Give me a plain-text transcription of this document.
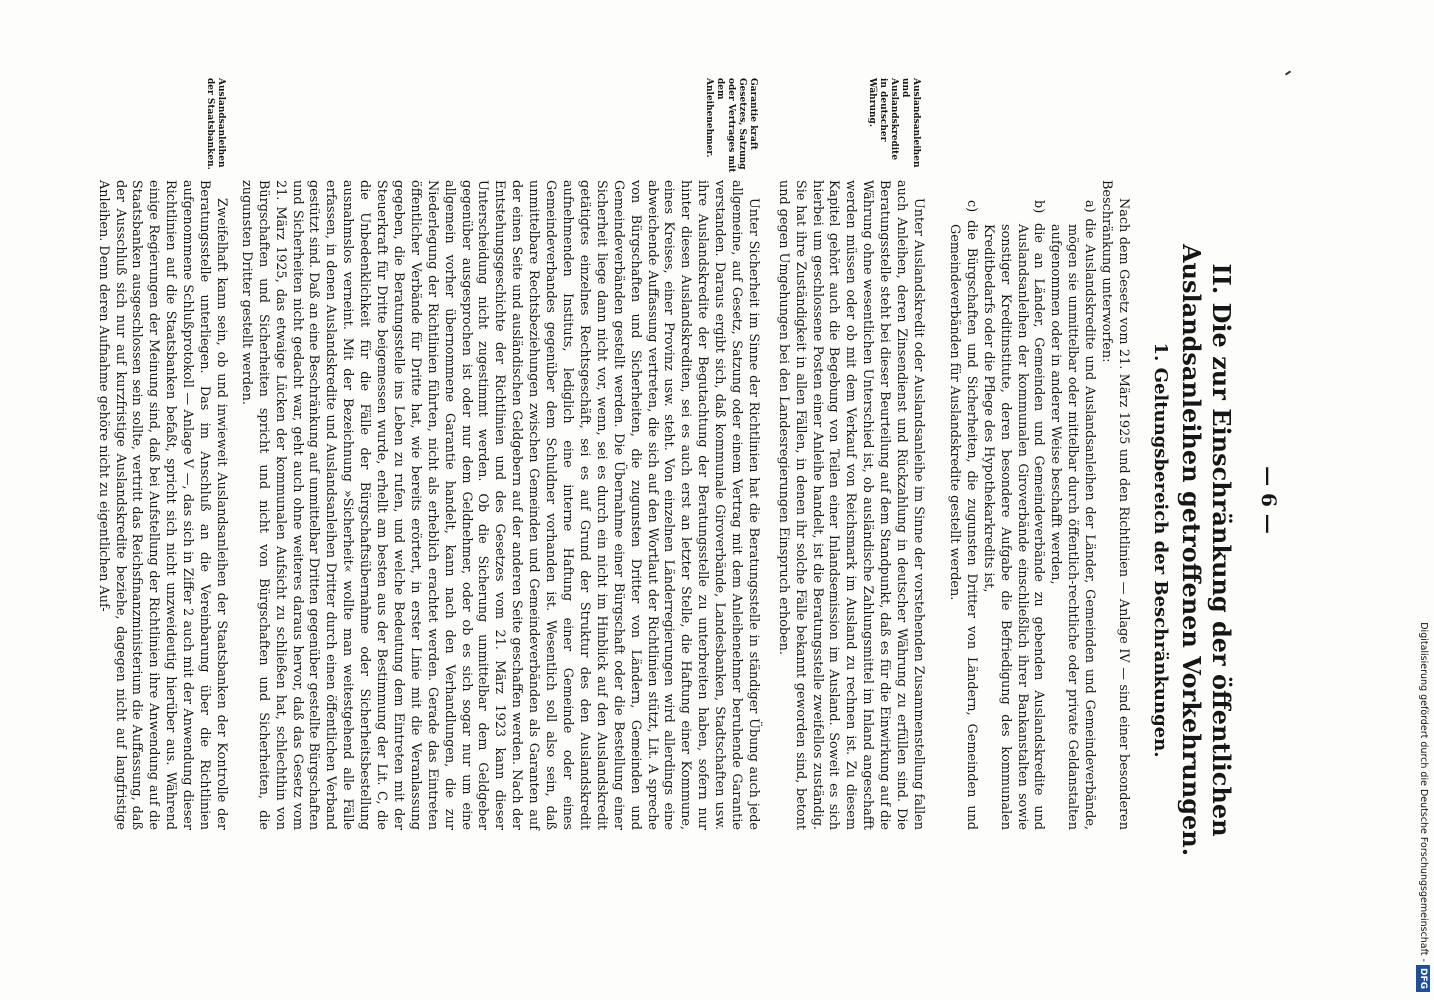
— 6 —
II. Die zur Einschränkung der öffentlichen Auslandsanleihen getroffenen Vorkehrungen.
1. Geltungsbereich der Beschränkungen.

Nach dem Gesetz vom 21. März 1925 und den Richtlinien — Anlage IV — sind einer besonderen Beschränkung unterworfen:

a) die Auslandskredite und Auslandsanleihen der Länder, Gemeinden und Gemeindeverbände, mögen sie unmittelbar oder mittelbar durch öffentlich-rechtliche oder private Geldanstalten aufgenommen oder in anderer Weise beschafft werden,

b) die an Länder, Gemeinden und Gemeindeverbände zu gebenden Auslandskredite und Auslandsanleihen der kommunalen Giroverbände einschließlich ihrer Bankanstalten sowie sonstiger Kreditinstitute, deren besondere Aufgabe die Befriedigung des kommunalen Kreditbedarfs oder die Pflege des Hypothekarkredits ist,

c) die Bürgschaften und Sicherheiten, die zugunsten Dritter von Ländern, Gemeinden und Gemeindeverbänden für Auslandskredite gestellt werden.

Auslandsanleihen und Auslandskredite in deutscher Währung.

Unter Auslandskredit oder Auslandsanleihe im Sinne der vorstehenden Zusammenstellung fallen auch Anleihen, deren Zinsendienst und Rückzahlung in deutscher Währung zu erfüllen sind. Die Beratungsstelle steht bei dieser Beurteilung auf dem Standpunkt, daß es für die Einwirkung auf die Währung ohne wesentlichen Unterschied ist, ob ausländische Zahlungsmittel im Inland angeschafft werden müssen oder ob mit dem Verkauf von Reichsmark im Ausland zu rechnen ist. Zu diesem Kapitel gehört auch die Begebung von Teilen einer Inlandsemission im Ausland. Soweit es sich hierbei um geschlossene Posten einer Anleihe handelt, ist die Beratungsstelle zweifellos zuständig. Sie hat ihre Zuständigkeit in allen Fällen, in denen ihr solche Fälle bekannt geworden sind, betont und gegen Umgehungen bei den Landesregierungen Einspruch erhoben.

Garantie kraft Gesetzes, Satzung oder Vertrages mit dem Anleihenehmer.

Unter Sicherheit im Sinne der Richtlinien hat die Beratungsstelle in ständiger Übung auch jede allgemeine, auf Gesetz, Satzung oder einem Vertrag mit dem Anleihenehmer beruhende Garantie verstanden. Daraus ergibt sich, daß kommunale Giroverbände, Landesbanken, Stadtschaften usw. ihre Auslandskredite der Begutachtung der Beratungsstelle zu unterbreiten haben, sofern nur hinter diesen Auslandskrediten, sei es auch erst an letzter Stelle, die Haftung einer Kommune, eines Kreises, einer Provinz usw. steht. Von einzelnen Länderregierungen wird allerdings eine abweichende Auffassung vertreten, die sich auf den Wortlaut der Richtlinien stützt, Lit. A spreche von Bürgschaften und Sicherheiten, die zugunsten Dritter von Ländern, Gemeinden und Gemeindeverbänden gestellt werden. Die Übernahme einer Bürgschaft oder die Bestellung einer Sicherheit liege dann nicht vor, wenn, sei es durch ein nicht im Hinblick auf den Auslandskredit getätigtes einzelnes Rechtsgeschäft, sei es auf Grund der Struktur des den Auslandskredit aufnehmenden Instituts, lediglich eine interne Haftung einer Gemeinde oder eines Gemeindeverbandes gegenüber dem Schuldner vorhanden ist. Wesentlich soll also sein, daß unmittelbare Rechtsbeziehungen zwischen Gemeinden und Gemeindeverbänden als Garanten auf der einen Seite und ausländischen Geldgebern auf der anderen Seite geschaffen werden. Nach der Entstehungsgeschichte der Richtlinien und des Gesetzes vom 21. März 1923 kann dieser Unterscheidung nicht zugestimmt werden. Ob die Sicherung unmittelbar dem Geldgeber gegenüber ausgesprochen ist oder nur dem Geldnehmer, oder ob es sich sogar nur um eine allgemein vorher übernommene Garantie handelt, kann nach den Verhandlungen, die zur Niederlegung der Richtlinien führten, nicht als erheblich erachtet werden. Gerade das Eintreten öffentlicher Verbände für Dritte hat, wie bereits erörtert, in erster Linie mit die Veranlassung gegeben, die Beratungsstelle ins Leben zu rufen, und welche Bedeutung dem Eintreten mit der Steuerkraft für Dritte beigemessen wurde, erhellt am besten aus der Bestimmung der Lit. C, die die Unbedenklichkeit für die Fälle der Bürgschaftsübernahme oder Sicherheitsbestellung ausnahmslos verneint. Mit der Bezeichnung »Sicherheit« wollte man weitestgehend alle Fälle erfassen, in denen Auslandskredite und Auslandsanleihen Dritter durch einen öffentlichen Verband gestützt sind. Daß an eine Beschränkung auf unmittelbar Dritten gegenüber gestellte Bürgschaften und Sicherheiten nicht gedacht war, geht auch ohne weiteres daraus hervor, daß das Gesetz vom 21. März 1925, das etwaige Lücken der kommunalen Aufsicht zu schließen hat, schlechthin von Bürgschaften und Sicherheiten spricht und nicht von Bürgschaften und Sicherheiten, die zugunsten Dritter gestellt werden.

Auslandsanleihen der Staatsbanken.

Zweifelhaft kann sein, ob und inwieweit Auslandsanleihen der Staatsbanken der Kontrolle der Beratungsstelle unterliegen. Das im Anschluß an die Vereinbarung über die Richtlinien aufgenommene Schlußprotokoll — Anlage V —, das sich in Ziffer 2 auch mit der Anwendung dieser Richtlinien auf die Staatsbanken befaßt, spricht sich nicht unzweideutig hierüber aus. Während einige Regierungen der Meinung sind, daß bei Aufstellung der Richtlinien ihre Anwendung auf die Staatsbanken ausgeschlossen sein sollte, vertritt das Reichsfinanzministerium die Auffassung, daß der Ausschluß sich nur auf kurzfristige Auslandskredite beziehe, dagegen nicht auf langfristige Anleihen. Denn deren Aufnahme gehöre nicht zu eigentlichen Auf-

Digitalisierung gefördert durch die Deutsche Forschungsgemeinschaft -DFG
